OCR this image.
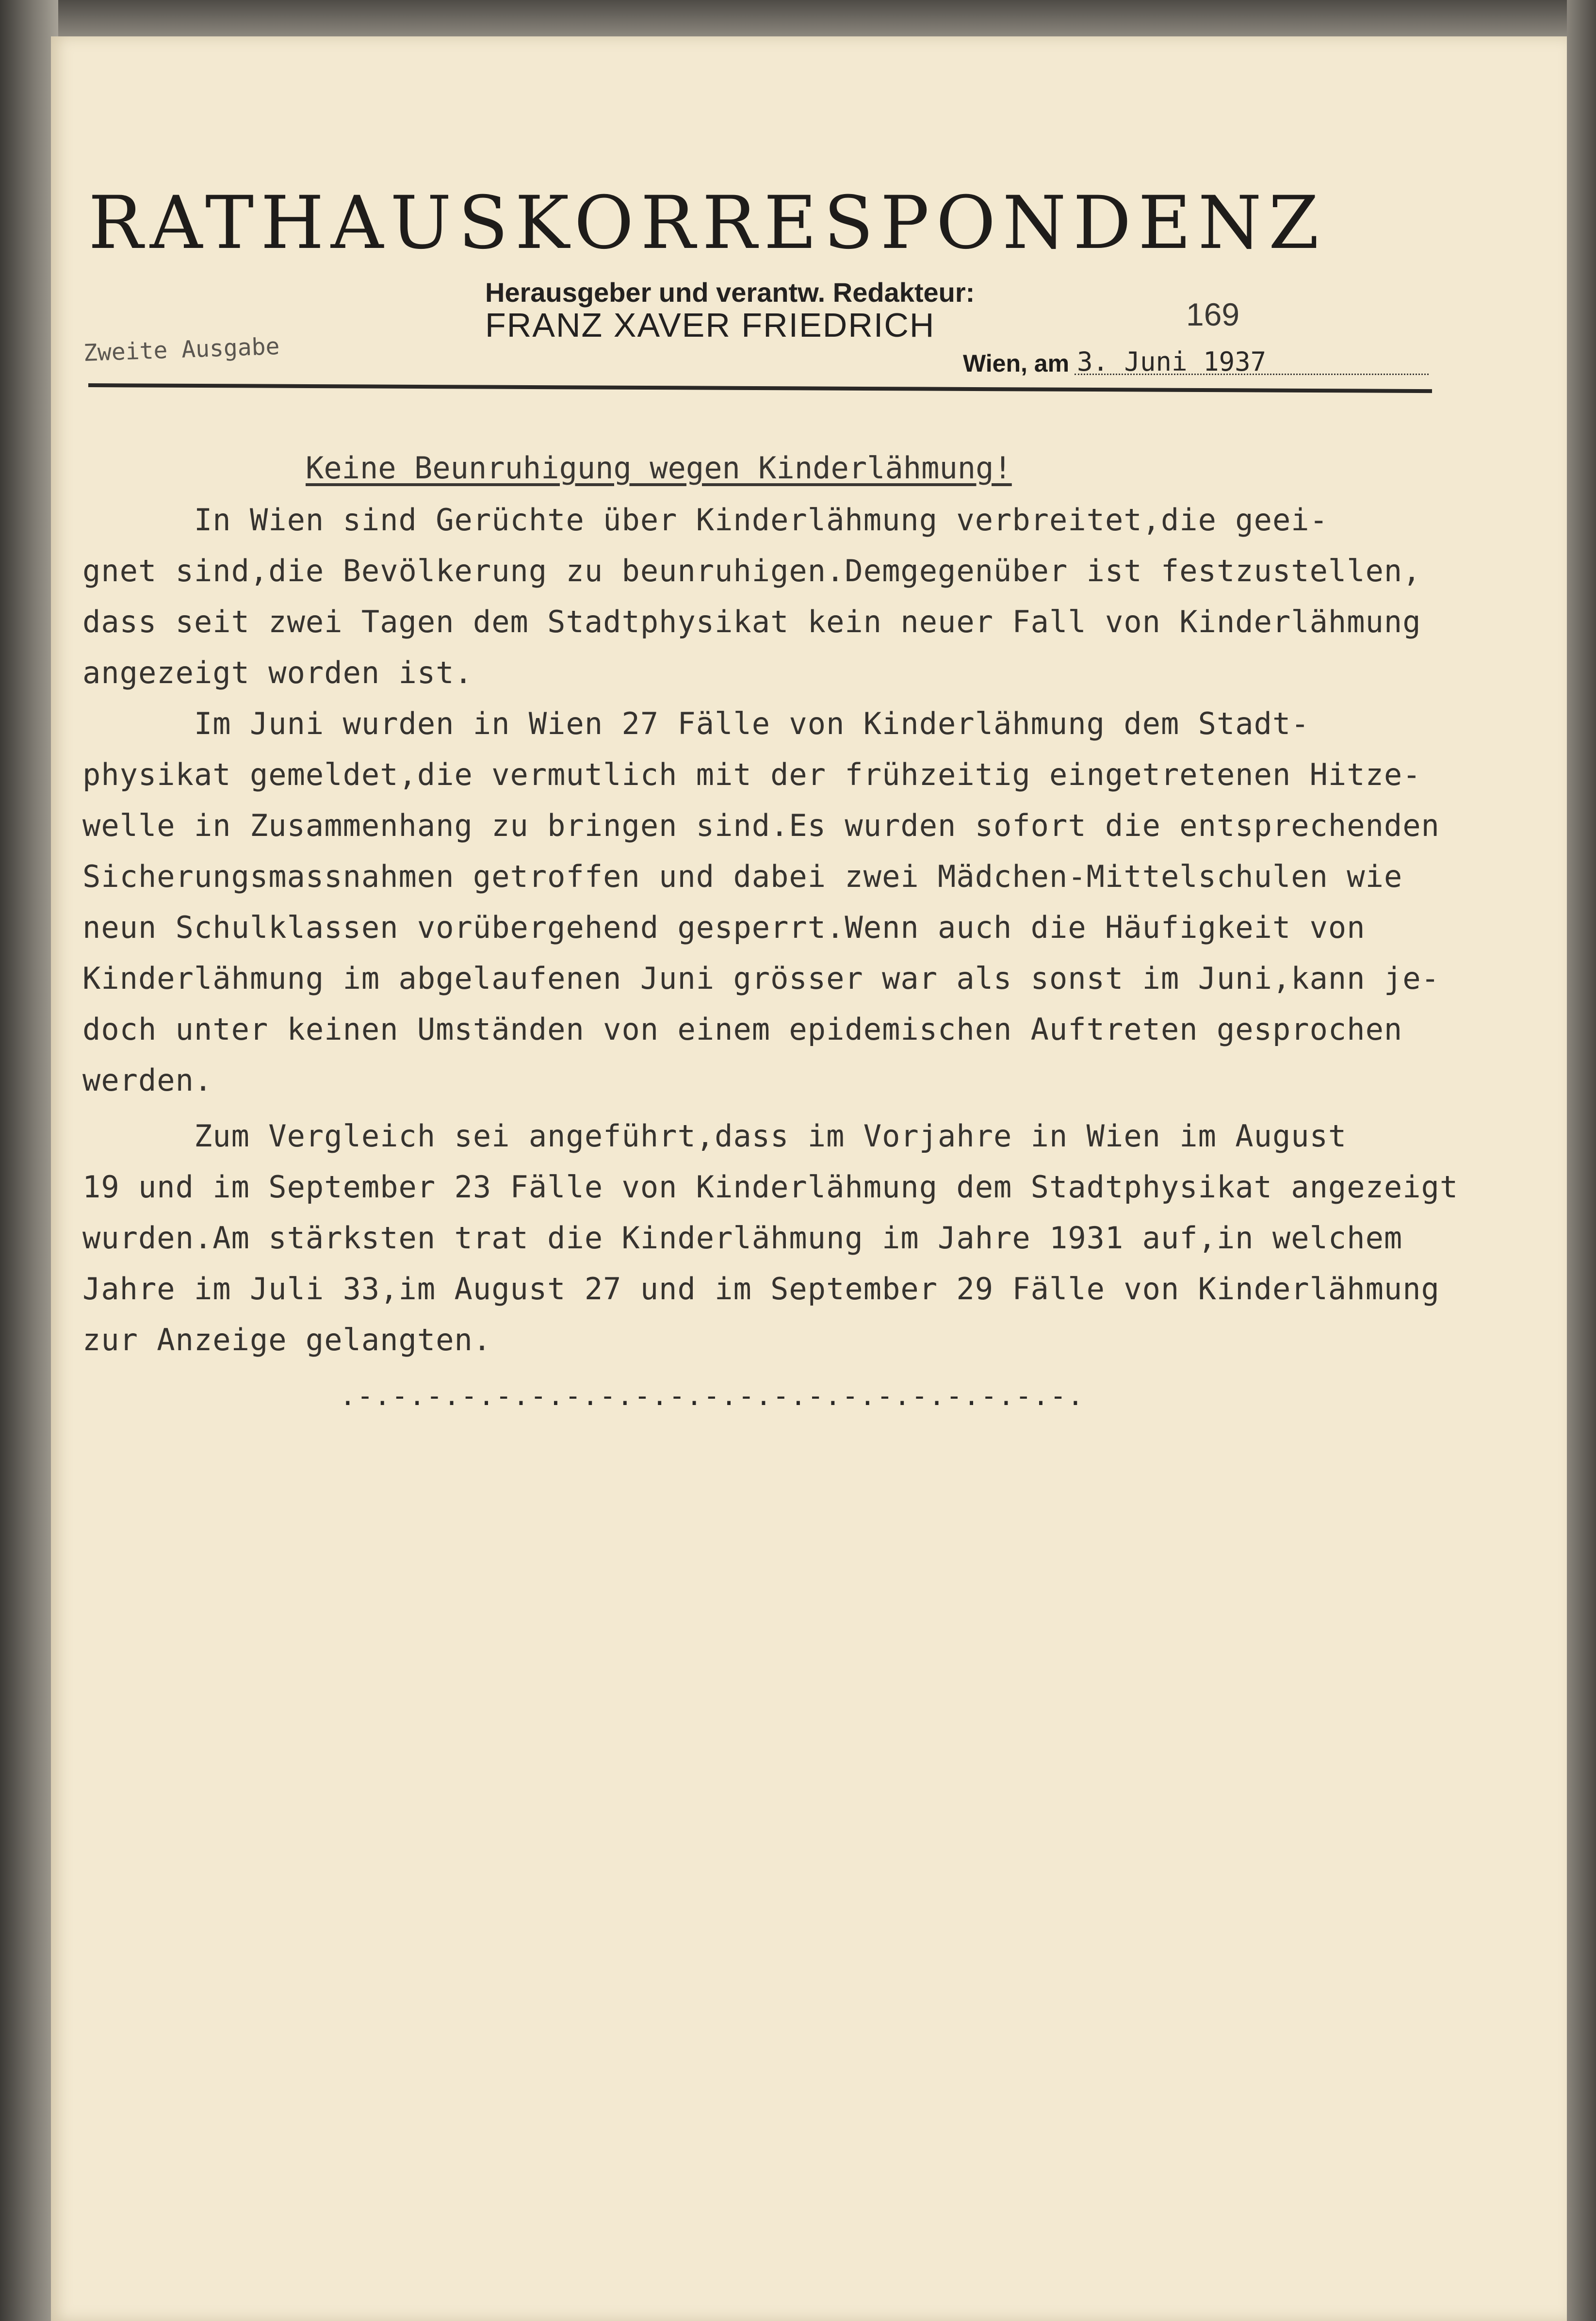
RATHAUSKORRESPONDENZ
Herausgeber und verantw. Redakteur:
FRANZ XAVER FRIEDRICH	169
Zweite Ausgabe	Wien, am 3. Juni 1937
Keine Beunruhigung wegen Kinderlähmung!
In Wien sind Gerüchte über Kinderlähmung verbreitet,die geei-
gnet sind,die Bevölkerung zu beunruhigen.Demgegenüber ist festzustellen,
dass seit zwei Tagen dem Stadtphysikat kein neuer Fall von Kinderlähmung
angezeigt worden ist.
Im Juni wurden in Wien 27 Fälle von Kinderlähmung dem Stadt-
physikat gemeldet,die vermutlich mit der frühzeitig eingetretenen Hitze-
welle in Zusammenhang zu bringen sind.Es wurden sofort die entsprechenden
Sicherungsmassnahmen getroffen und dabei zwei Mädchen-Mittelschulen wie
neun Schulklassen vorübergehend gesperrt.Wenn auch die Häufigkeit von
Kinderlähmung im abgelaufenen Juni grösser war als sonst im Juni,kann je-
doch unter keinen Umständen von einem epidemischen Auftreten gesprochen
werden.
Zum Vergleich sei angeführt,dass im Vorjahre in Wien im August
19 und im September 23 Fälle von Kinderlähmung dem Stadtphysikat angezeigt
wurden.Am stärksten trat die Kinderlähmung im Jahre 1931 auf,in welchem
Jahre im Juli 33,im August 27 und im September 29 Fälle von Kinderlähmung
zur Anzeige gelangten.
.-.-.-.-.-.-.-.-.-.-.-.-.-.-.-.-.-.-.-.-.-.
